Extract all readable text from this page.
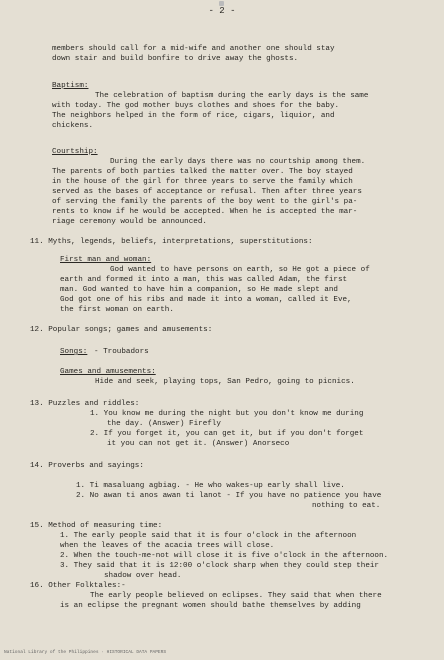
- 2 -
members should call for a mid-wife and another one should stay
down stair and build bonfire to drive away the ghosts.
Baptism:
The celebration of baptism during the early days is the same
with today. The god mother buys clothes and shoes for the baby.
The neighbors helped in the form of rice, cigars, liquior, and
chickens.
Courtship:
During the early days there was no courtship among them.
The parents of both parties talked the matter over. The boy stayed
in the house of the girl for three years to serve the family which
served as the bases of acceptance or refusal. Then after three years
of serving the family the parents of the boy went to the girl's pa-
rents to know if he would be accepted. When he is accepted the mar-
riage ceremony would be announced.
11. Myths, legends, beliefs, interpretations, superstitutions:
First man and woman:
God wanted to have persons on earth, so He got a piece of
earth and formed it into a man, this was called Adam, the first
man. God wanted to have him a companion, so He made slept and
God got one of his ribs and made it into a woman, called it Eve,
the first woman on earth.
12. Popular songs; games and amusements:
Songs: - Troubadors
Games and amusements:
Hide and seek, playing tops, San Pedro, going to picnics.
13. Puzzles and riddles:
1. You know me during the night but you don't know me during
the day. (Answer) Firefly
2. If you forget it, you can get it, but if you don't forget
it you can not get it. (Answer) Anorseco
14. Proverbs and sayings:
1. Ti masaluang agbiag. - He who wakes-up early shall live.
2. No awan ti anos awan ti lanot - If you have no patience you have
nothing to eat.
15. Method of measuring time:
1. The early people said that it is four o'clock in the afternoon
when the leaves of the acacia trees will close.
2. When the touch-me-not will close it is five o'clock in the afternoon.
3. They said that it is 12:00 o'clock sharp when they could step their
shadow over head.
16. Other Folktales:-
The early people believed on eclipses. They said that when there
is an eclipse the pregnant women should bathe themselves by adding
National Library of the Philippines · HISTORICAL DATA PAPERS
